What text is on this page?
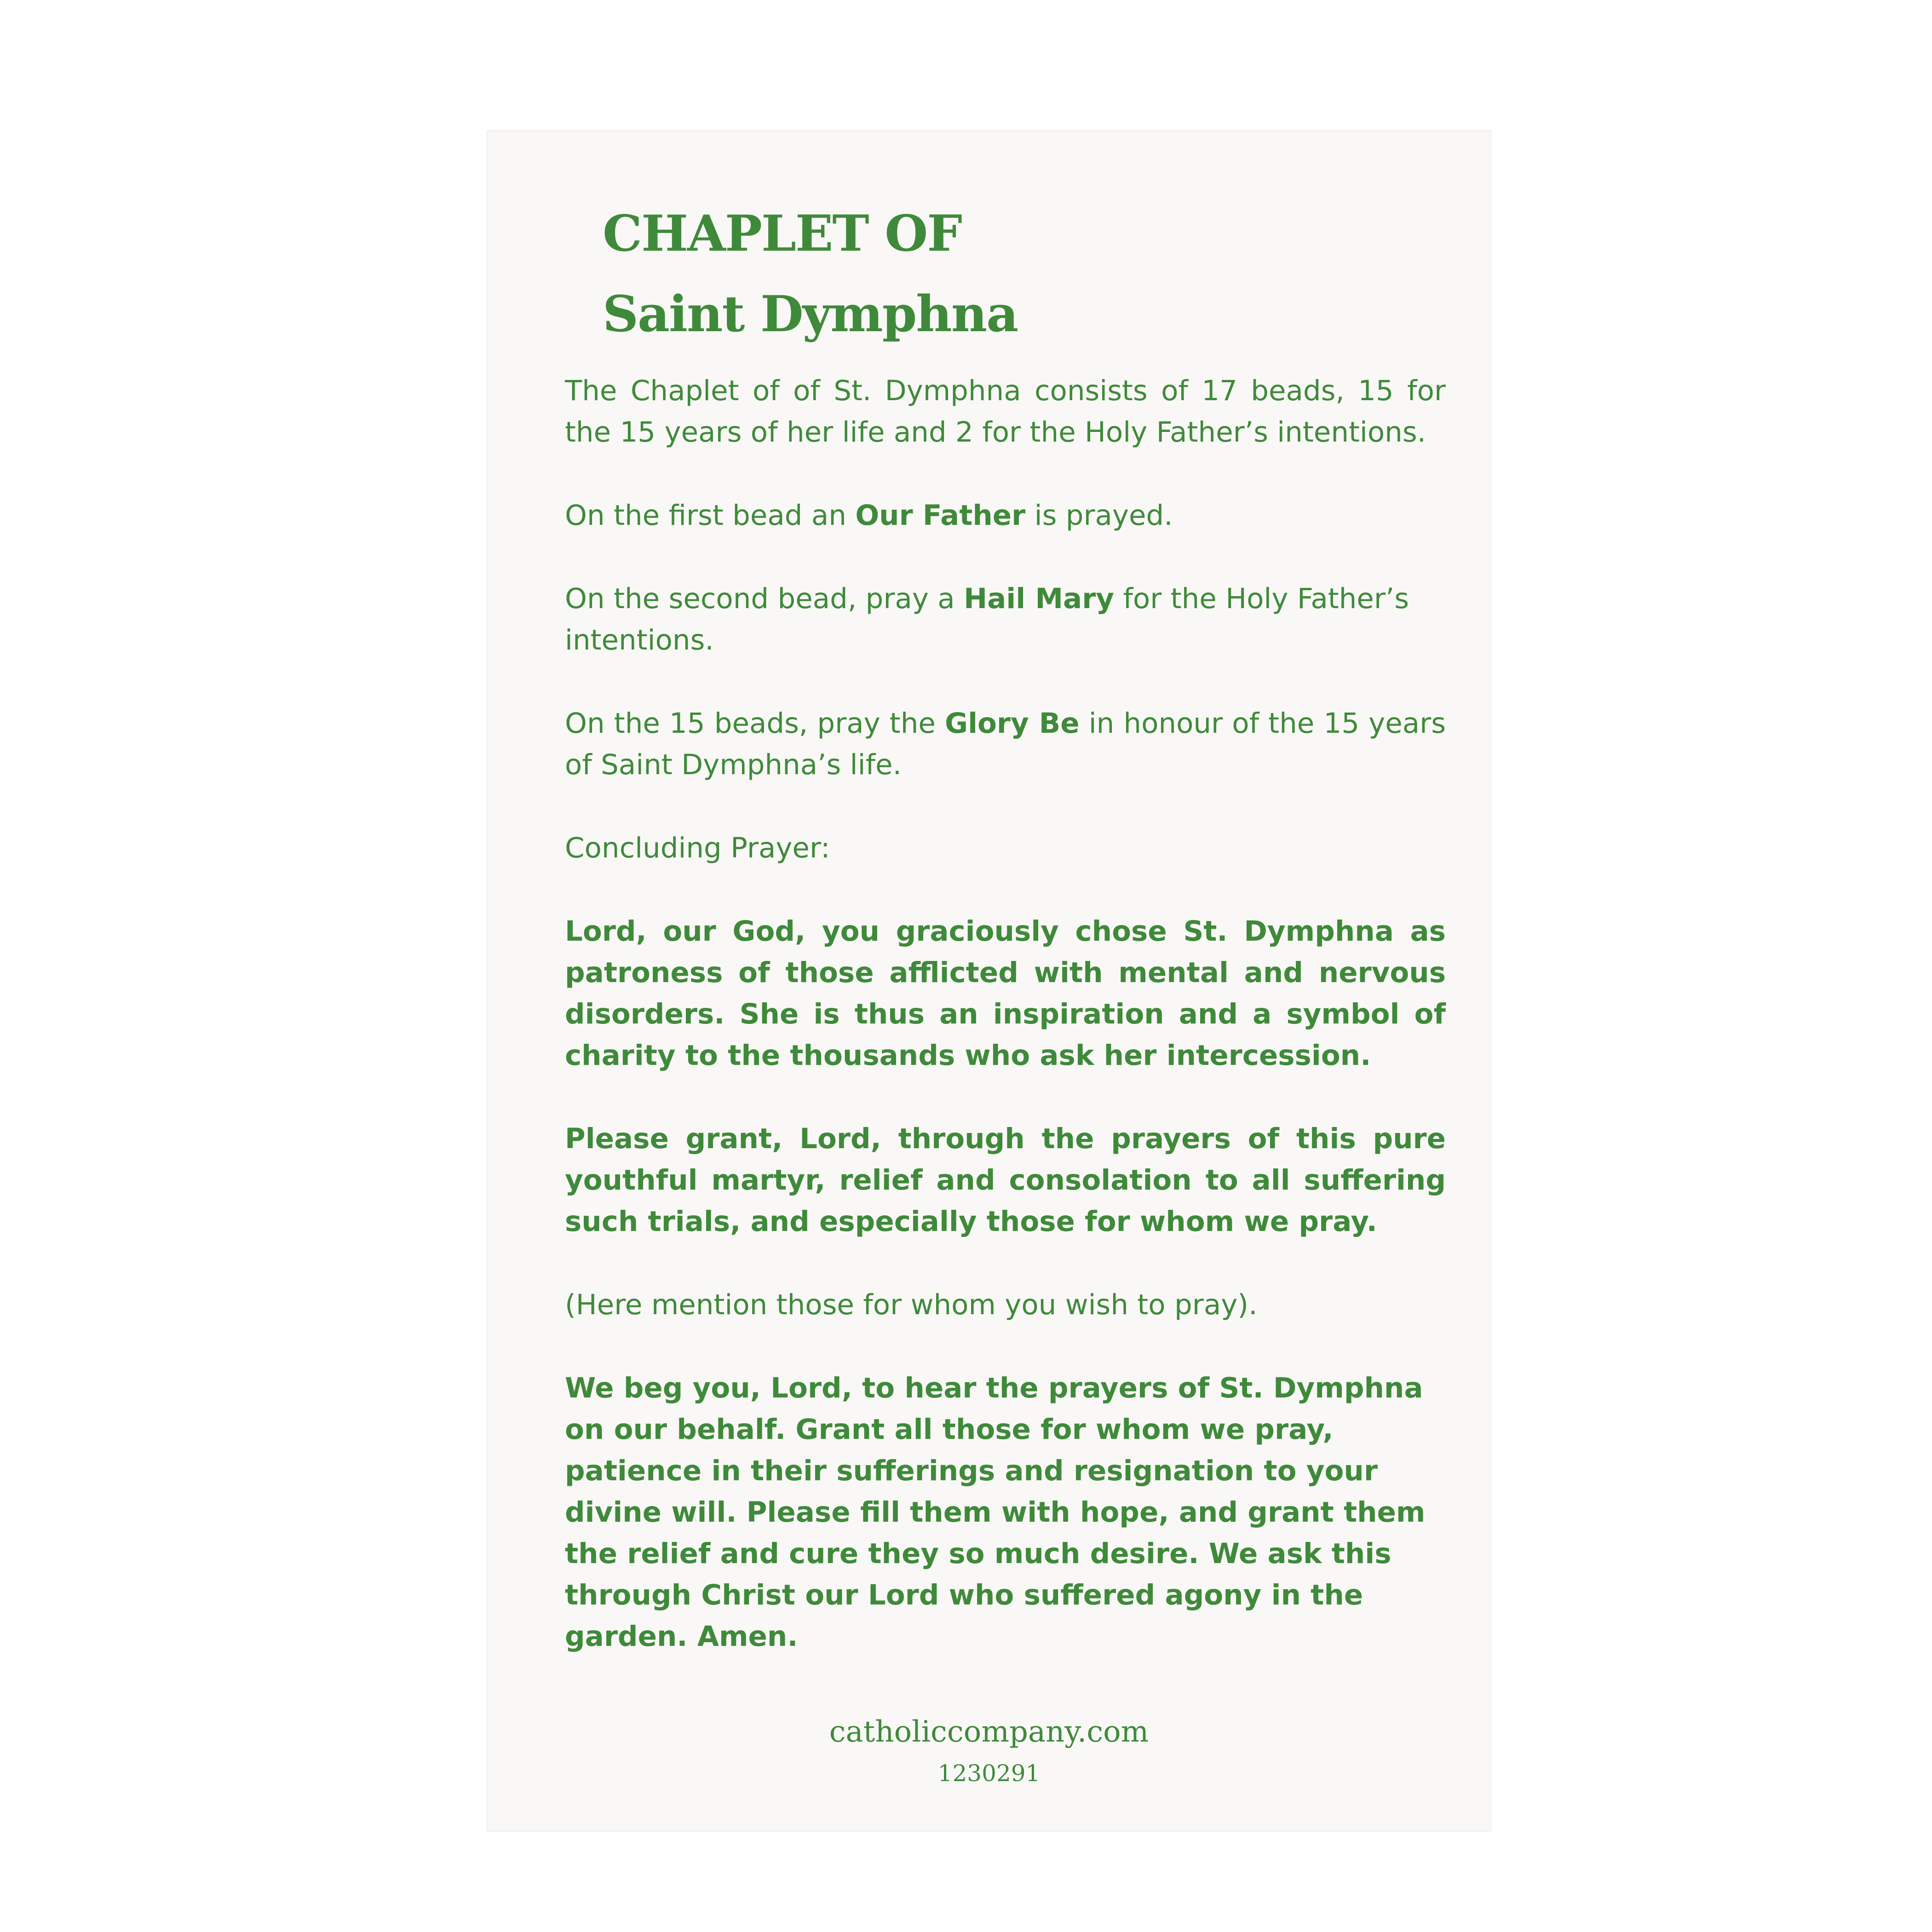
CHAPLET OF
Saint Dymphna

The Chaplet of of St. Dymphna consists of 17 beads, 15 for the 15 years of her life and 2 for the Holy Father’s intentions.

On the first bead an Our Father is prayed.

On the second bead, pray a Hail Mary for the Holy Father’s intentions.

On the 15 beads, pray the Glory Be in honour of the 15 years of Saint Dymphna’s life.

Concluding Prayer:

Lord, our God, you graciously chose St. Dymphna as patroness of those afflicted with mental and nervous disorders. She is thus an inspiration and a symbol of charity to the thousands who ask her intercession.

Please grant, Lord, through the prayers of this pure youthful martyr, relief and consolation to all suffering such trials, and especially those for whom we pray.

(Here mention those for whom you wish to pray).

We beg you, Lord, to hear the prayers of St. Dymphna on our behalf. Grant all those for whom we pray, patience in their sufferings and resignation to your divine will. Please fill them with hope, and grant them the relief and cure they so much desire. We ask this through Christ our Lord who suffered agony in the garden. Amen.

catholiccompany.com
1230291
